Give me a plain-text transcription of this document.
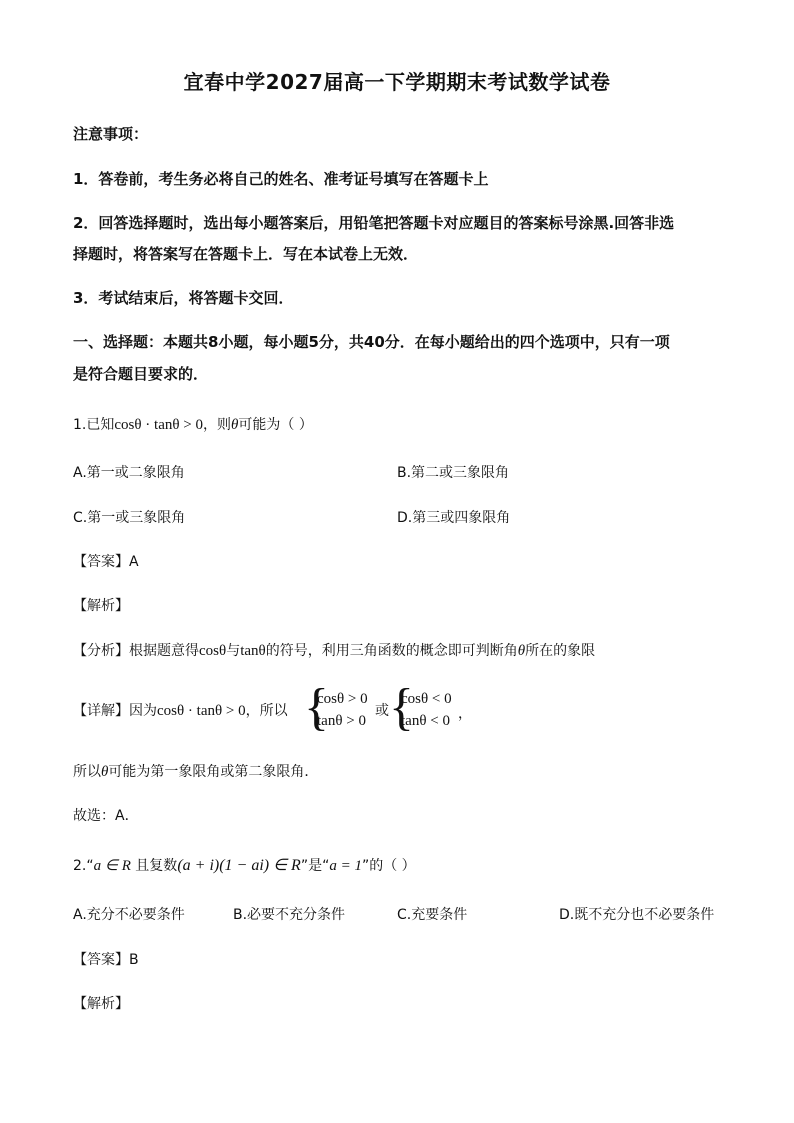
宜春中学2027届高一下学期期末考试数学试卷
注意事项：
1．答卷前，考生务必将自己的姓名、准考证号填写在答题卡上
2．回答选择题时，选出每小题答案后，用铅笔把答题卡对应题目的答案标号涂黑.回答非选
择题时，将答案写在答题卡上．写在本试卷上无效．
3．考试结束后，将答题卡交回．
一、选择题：本题共8小题，每小题5分，共40分．在每小题给出的四个选项中，只有一项
是符合题目要求的．
1.已知cosθ · tanθ > 0，则θ可能为（ ）
A.第一或二象限角	B.第二或三象限角
C.第一或三象限角	D.第三或四象限角
【答案】A
【解析】
【分析】根据题意得cosθ与tanθ的符号，利用三角函数的概念即可判断角θ所在的象限
【详解】因为cosθ · tanθ > 0，所以 {
cosθ > 0
tanθ > 0
或 {
cosθ < 0
tanθ < 0 ，
所以θ可能为第一象限角或第二象限角．
故选：A．
2.“a ∈ R 且复数(a + i)(1 − ai) ∈ R”是“a = 1”的（ ）
A.充分不必要条件	B.必要不充分条件	C.充要条件	D.既不充分也不必要条件
【答案】B
【解析】
